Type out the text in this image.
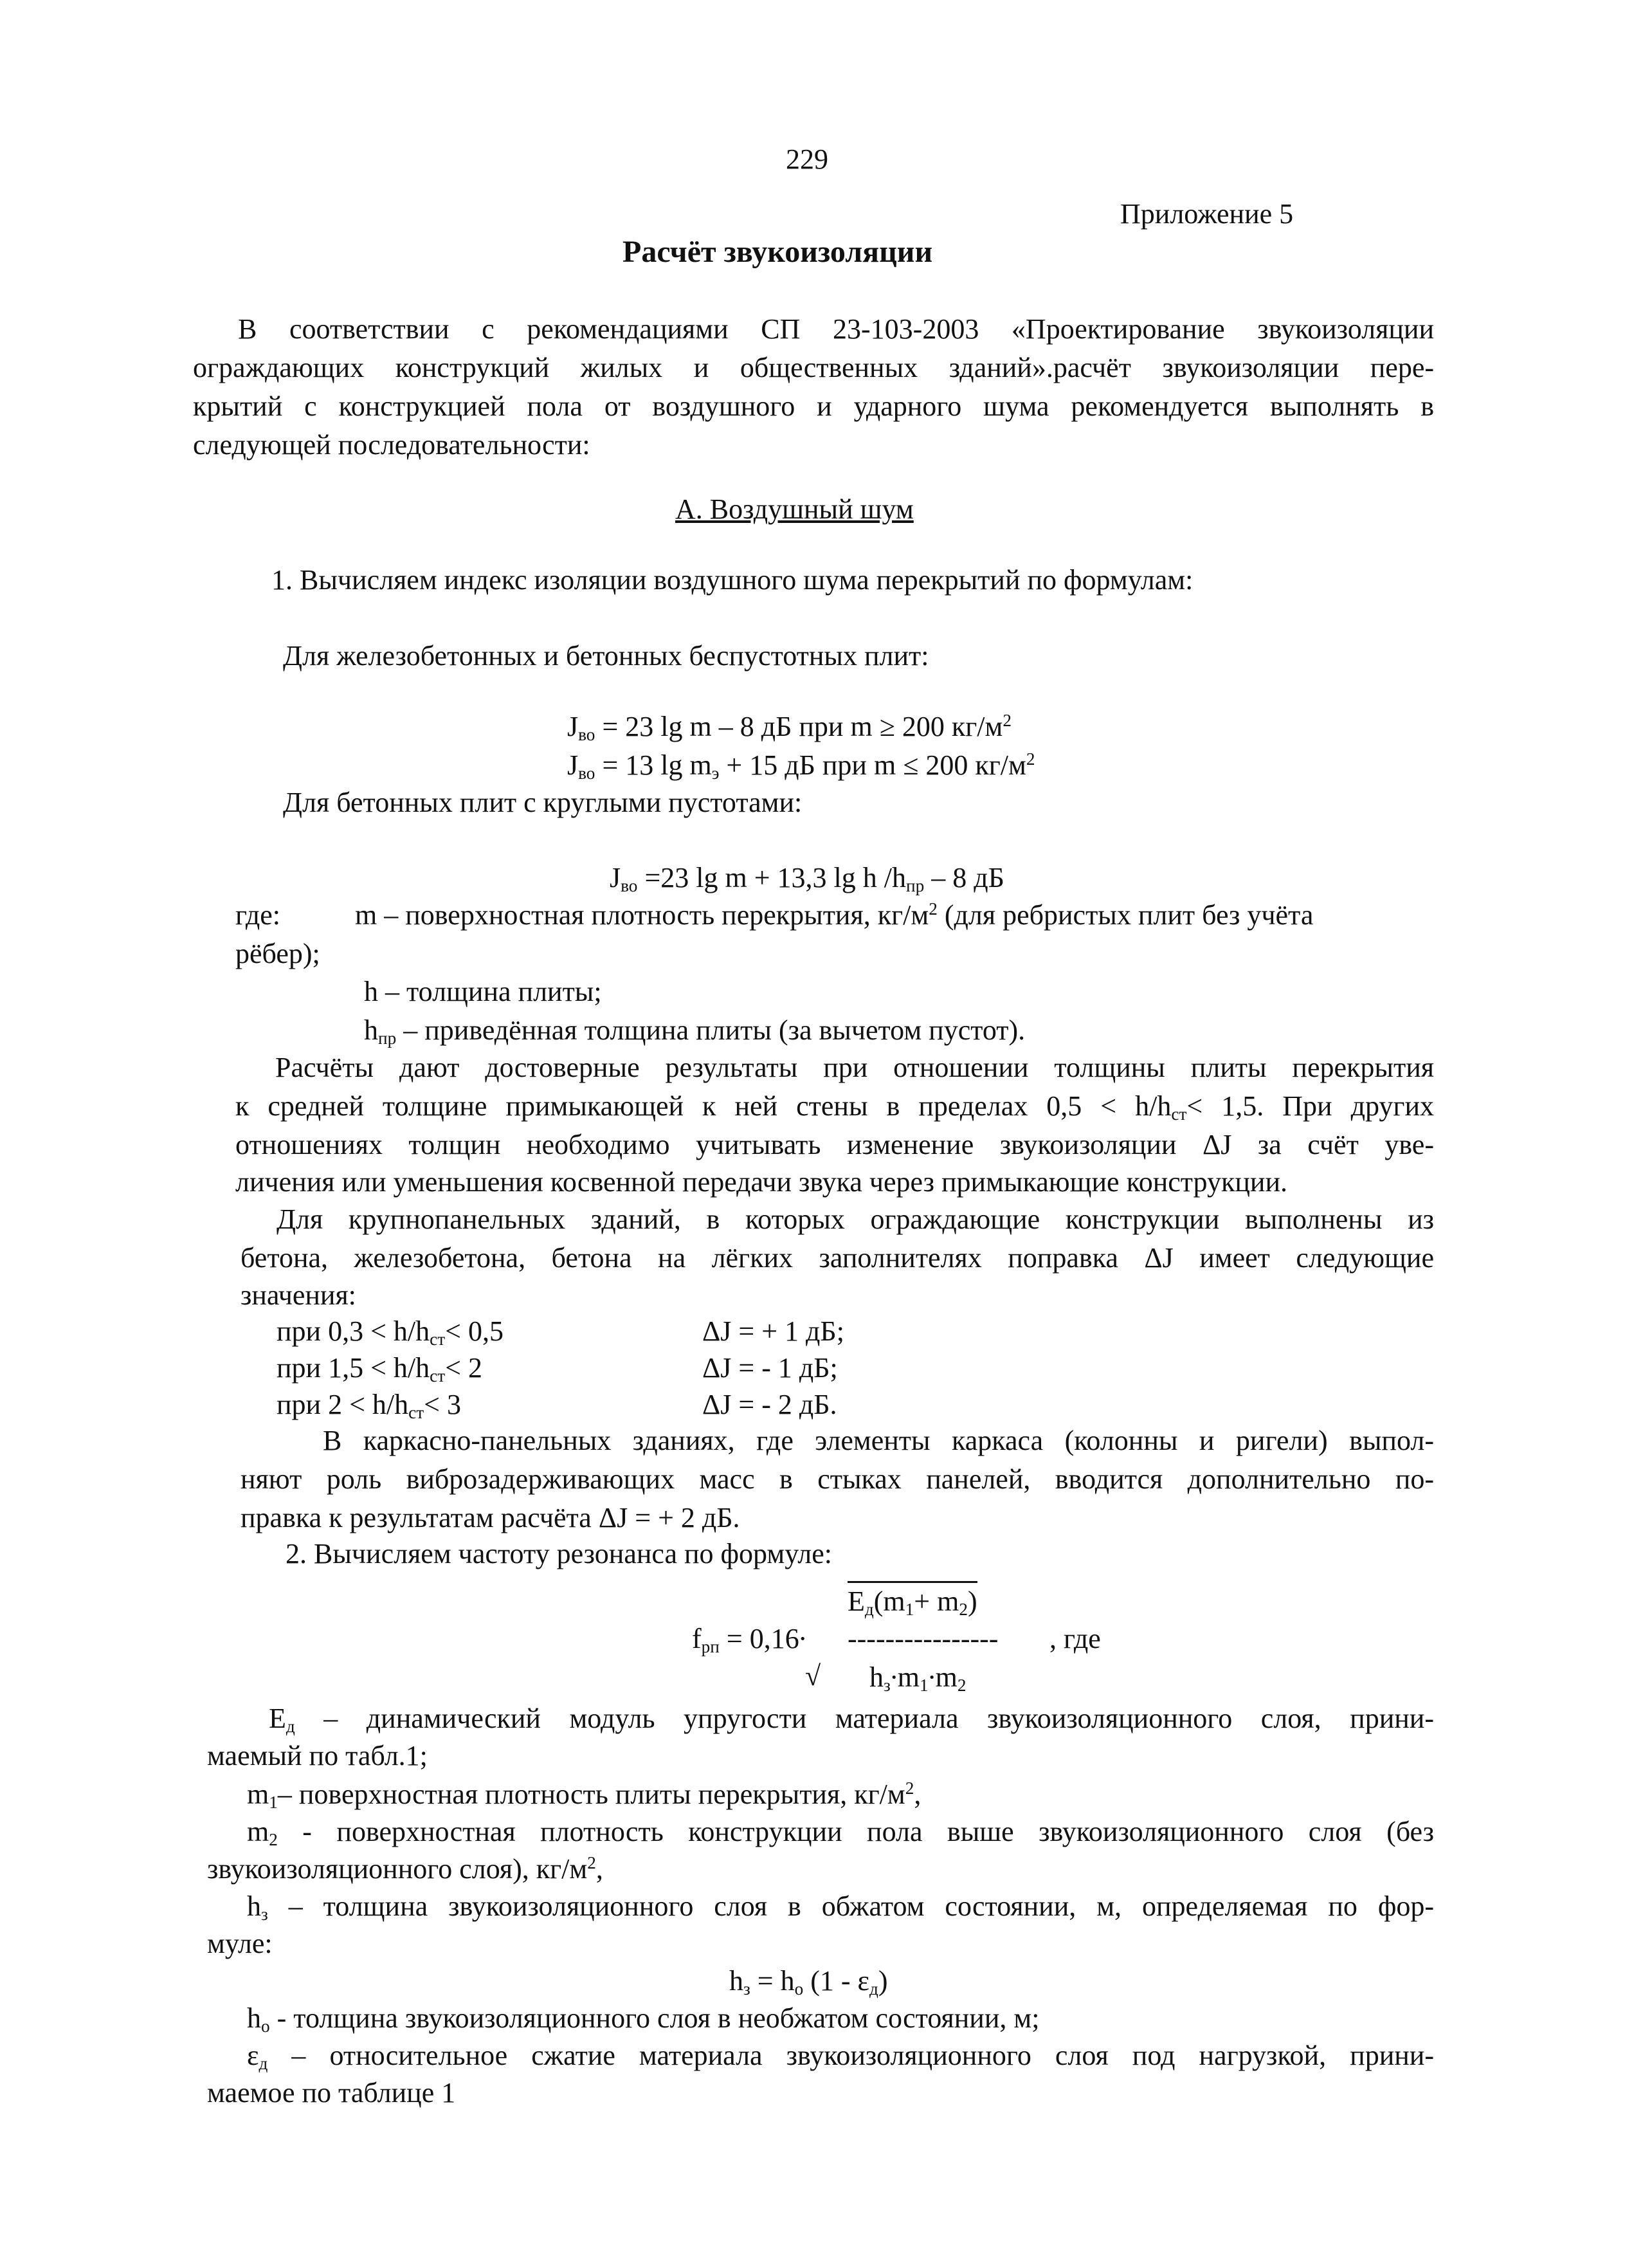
229
Приложение 5
Расчёт звукоизоляции
В соответствии с рекомендациями СП 23-103-2003 «Проектирование звукоизоляции
ограждающих конструкций жилых и общественных зданий».расчёт звукоизоляции пере-
крытий с конструкцией пола от воздушного и ударного шума рекомендуется выполнять в
следующей последовательности:
А. Воздушный шум
1. Вычисляем индекс изоляции воздушного шума перекрытий по формулам:
Для железобетонных и бетонных беспустотных плит:
$J_{во} = 23$ lg m – 8 дБ при m ≥ 200 $кг/м^2$
$J_{во} = 13$ $\lg m_э + 15$ дБ при m ≤ 200 $кг/м^2$
Для бетонных плит с круглыми пустотами:
$J_{во} =23$ lg m + 13,3 lg h $/h_{пр} - 8$ дБ
где:	m – поверхностная плотность перекрытия, $кг/м^2$ (для ребристых плит без учёта
рёбер);
h – толщина плиты;
$h_{пр}$ – приведённая толщина плиты (за вычетом пустот).
Расчёты дают достоверные результаты при отношении толщины плиты перекрытия
к средней толщине примыкающей к ней стены в пределах $0,5 < h/h_{ст}< 1,5$. При других
отношениях толщин необходимо учитывать изменение звукоизоляции ΔJ за счёт уве-
личения или уменьшения косвенной передачи звука через примыкающие конструкции.
Для крупнопанельных зданий, в которых ограждающие конструкции выполнены из
бетона, железобетона, бетона на лёгких заполнителях поправка ΔJ имеет следующие
значения:
при $0,3 < h/h_{ст}< 0,5$	ΔJ = + 1 дБ;
при $1,5 < h/h_{ст}< 2$	ΔJ = - 1 дБ;
при $2 < h/h_{ст}< 3$	ΔJ = - 2 дБ.
В каркасно-панельных зданиях, где элементы каркаса (колонны и ригели) выпол-
няют роль виброзадерживающих масс в стыках панелей, вводится дополнительно по-
правка к результатам расчёта ΔJ = + 2 дБ.
2. Вычисляем частоту резонанса по формуле:
$E_д(m_1+ m_2)$
$f_{рп} = 0,16\cdot$ ---------------- , где
√ $h_з\cdot m_1\cdot m_2$
$Е_д$ – динамический модуль упругости материала звукоизоляционного слоя, прини-
маемый по табл.1;
$m_1-$ поверхностная плотность плиты перекрытия, $кг/м^2$,
$m_2$ - поверхностная плотность конструкции пола выше звукоизоляционного слоя (без
звукоизоляционного слоя), $кг/м^2$,
$h_з$ – толщина звукоизоляционного слоя в обжатом состоянии, м, определяемая по фор-
муле:
$h_з = h_о$ $(1 - \varepsilon_д)$
$h_о$ - толщина звукоизоляционного слоя в необжатом состоянии, м;
$\varepsilon_д$ – относительное сжатие материала звукоизоляционного слоя под нагрузкой, прини-
маемое по таблице 1
